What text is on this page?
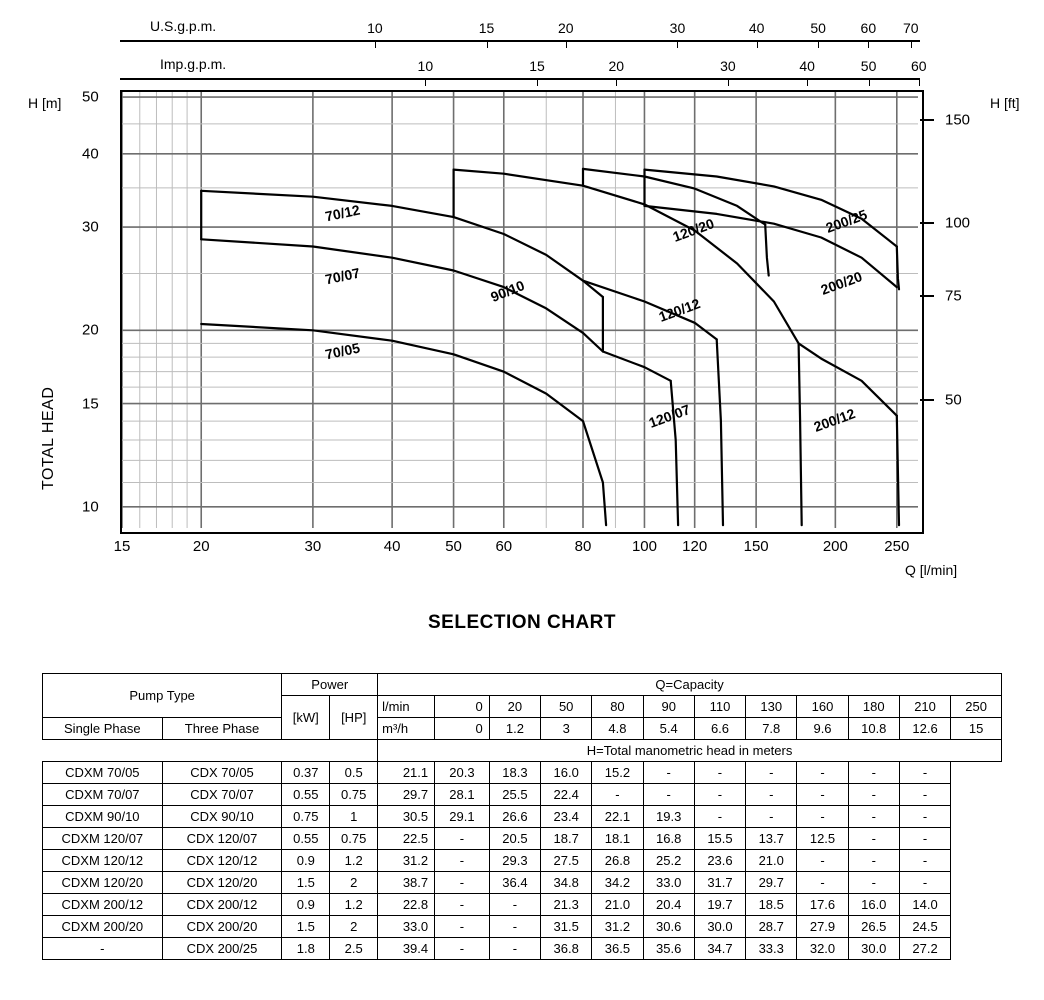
U.S.g.p.m.	10	15	20	30	40	50 60 70
Imp.g.p.m.	10	15	20	30	40	50 60
H [m]	H [ft]
Q [l/min]
TOTAL HEAD
10
15
20
30
40
50
50
75
100
150
15	20	30	40	50 60	80	100 120 150	200 250
SELECTION CHART
Pump Type		Power		Q=Capacity											
		[kW]	[HP]	l/min	0	20	50	80	90	110	130	160	180	210	250
Single Phase	Three Phase			m³/h	0	1.2	3	4.8	5.4	6.6	7.8	9.6	10.8	12.6	15
				H=Total manometric head in meters											
CDXM 70/05	CDX 70/05	0.37	0.5	21.1	20.3	18.3	16.0	15.2	-	-	-	-	-	-	
CDXM 70/07	CDX 70/07	0.55	0.75	29.7	28.1	25.5	22.4	-	-	-	-	-	-	-	
CDXM 90/10	CDX 90/10	0.75	1	30.5	29.1	26.6	23.4	22.1	19.3	-	-	-	-	-	
CDXM 120/07	CDX 120/07	0.55	0.75	22.5	-	20.5	18.7	18.1	16.8	15.5	13.7	12.5	-	-	
CDXM 120/12	CDX 120/12	0.9	1.2	31.2	-	29.3	27.5	26.8	25.2	23.6	21.0	-	-	-	
CDXM 120/20	CDX 120/20	1.5	2	38.7	-	36.4	34.8	34.2	33.0	31.7	29.7	-	-	-	
CDXM 200/12	CDX 200/12	0.9	1.2	22.8	-	-	21.3	21.0	20.4	19.7	18.5	17.6	16.0	14.0	
CDXM 200/20	CDX 200/20	1.5	2	33.0	-	-	31.5	31.2	30.6	30.0	28.7	27.9	26.5	24.5	
-	CDX 200/25	1.8	2.5	39.4	-	-	36.8	36.5	35.6	34.7	33.3	32.0	30.0	27.2	
70/12
70/07
70/05
90/10
120/20
120/12
120/07
200/25
200/20
200/12
